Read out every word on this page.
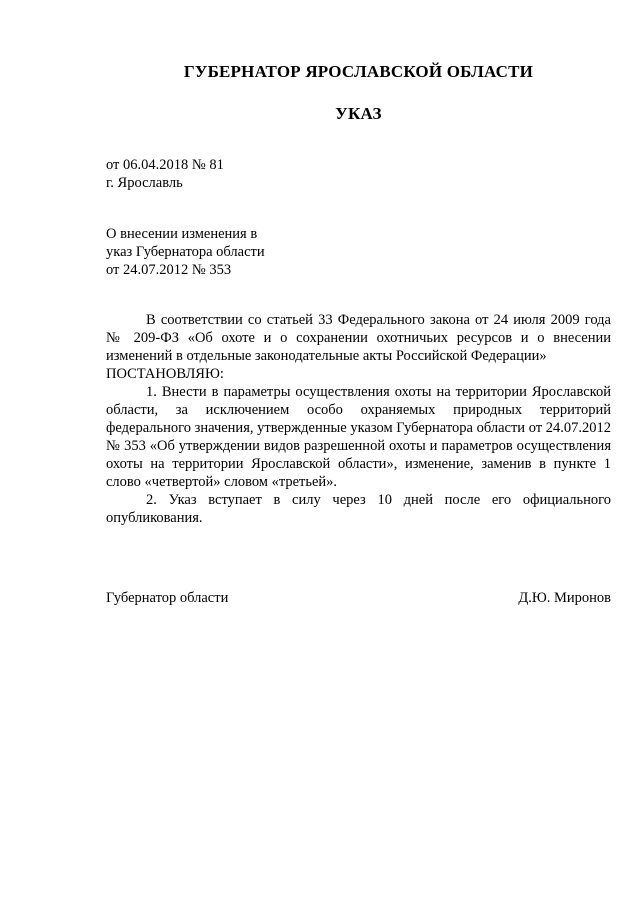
ГУБЕРНАТОР ЯРОСЛАВСКОЙ ОБЛАСТИ
УКАЗ
от 06.04.2018 № 81
г. Ярославль
О внесении изменения в
указ Губернатора области
от 24.07.2012 № 353

В соответствии со статьей 33 Федерального закона от 24 июля 2009 года № 209-ФЗ «Об охоте и о сохранении охотничьих ресурсов и о внесении изменений в отдельные законодательные акты Российской Федерации»

ПОСТАНОВЛЯЮ:

1. Внести в параметры осуществления охоты на территории Ярославской области, за исключением особо охраняемых природных территорий федерального значения, утвержденные указом Губернатора области от 24.07.2012 № 353 «Об утверждении видов разрешенной охоты и параметров осуществления охоты на территории Ярославской области», изменение, заменив в пункте 1 слово «четвертой» словом «третьей».

2. Указ вступает в силу через 10 дней после его официального опубликования.

Губернатор области	Д.Ю. Миронов
